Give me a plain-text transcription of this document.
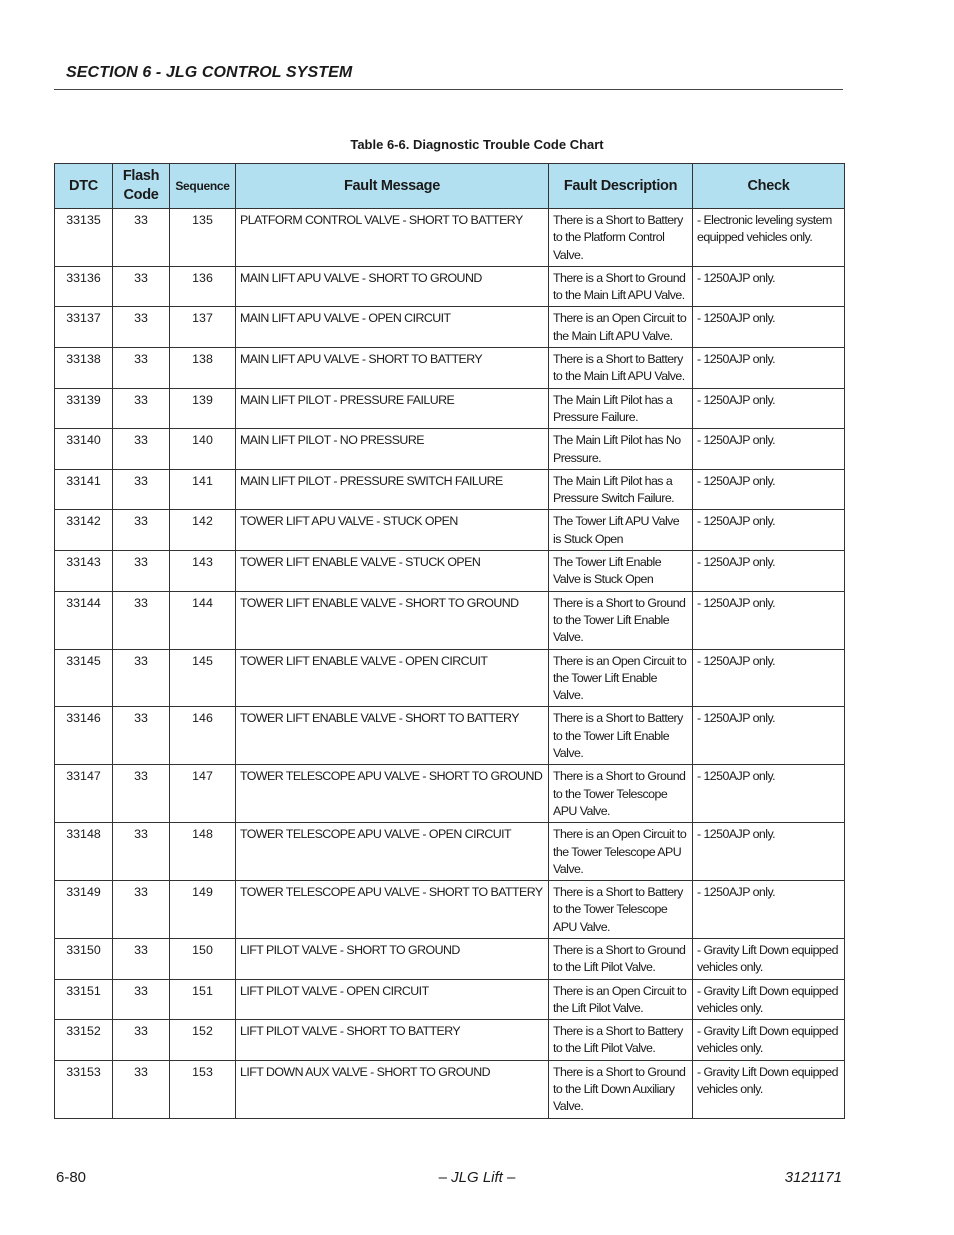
SECTION 6 - JLG CONTROL SYSTEM
Table 6-6. Diagnostic Trouble Code Chart
DTC	Flash Code	Sequence	Fault Message	Fault Description	Check
33135	33	135	PLATFORM CONTROL VALVE - SHORT TO BATTERY	There is a Short to Battery to the Platform Control Valve.	- Electronic leveling system equipped vehicles only.
33136	33	136	MAIN LIFT APU VALVE - SHORT TO GROUND	There is a Short to Ground to the Main Lift APU Valve.	- 1250AJP only.
33137	33	137	MAIN LIFT APU VALVE - OPEN CIRCUIT	There is an Open Circuit to the Main Lift APU Valve.	- 1250AJP only.
33138	33	138	MAIN LIFT APU VALVE - SHORT TO BATTERY	There is a Short to Battery to the Main Lift APU Valve.	- 1250AJP only.
33139	33	139	MAIN LIFT PILOT - PRESSURE FAILURE	The Main Lift Pilot has a Pressure Failure.	- 1250AJP only.
33140	33	140	MAIN LIFT PILOT - NO PRESSURE	The Main Lift Pilot has No Pressure.	- 1250AJP only.
33141	33	141	MAIN LIFT PILOT - PRESSURE SWITCH FAILURE	The Main Lift Pilot has a Pressure Switch Failure.	- 1250AJP only.
33142	33	142	TOWER LIFT APU VALVE - STUCK OPEN	The Tower Lift APU Valve is Stuck Open	- 1250AJP only.
33143	33	143	TOWER LIFT ENABLE VALVE - STUCK OPEN	The Tower Lift Enable Valve is Stuck Open	- 1250AJP only.
33144	33	144	TOWER LIFT ENABLE VALVE - SHORT TO GROUND	There is a Short to Ground to the Tower Lift Enable Valve.	- 1250AJP only.
33145	33	145	TOWER LIFT ENABLE VALVE - OPEN CIRCUIT	There is an Open Circuit to the Tower Lift Enable Valve.	- 1250AJP only.
33146	33	146	TOWER LIFT ENABLE VALVE - SHORT TO BATTERY	There is a Short to Battery to the Tower Lift Enable Valve.	- 1250AJP only.
33147	33	147	TOWER TELESCOPE APU VALVE - SHORT TO GROUND	There is a Short to Ground to the Tower Telescope APU Valve.	- 1250AJP only.
33148	33	148	TOWER TELESCOPE APU VALVE - OPEN CIRCUIT	There is an Open Circuit to the Tower Telescope APU Valve.	- 1250AJP only.
33149	33	149	TOWER TELESCOPE APU VALVE - SHORT TO BATTERY	There is a Short to Battery to the Tower Telescope APU Valve.	- 1250AJP only.
33150	33	150	LIFT PILOT VALVE - SHORT TO GROUND	There is a Short to Ground to the Lift Pilot Valve.	- Gravity Lift Down equipped vehicles only.
33151	33	151	LIFT PILOT VALVE - OPEN CIRCUIT	There is an Open Circuit to the Lift Pilot Valve.	- Gravity Lift Down equipped vehicles only.
33152	33	152	LIFT PILOT VALVE - SHORT TO BATTERY	There is a Short to Battery to the Lift Pilot Valve.	- Gravity Lift Down equipped vehicles only.
33153	33	153	LIFT DOWN AUX VALVE - SHORT TO GROUND	There is a Short to Ground to the Lift Down Auxiliary Valve.	- Gravity Lift Down equipped vehicles only.
6-80	– JLG Lift –	3121171
